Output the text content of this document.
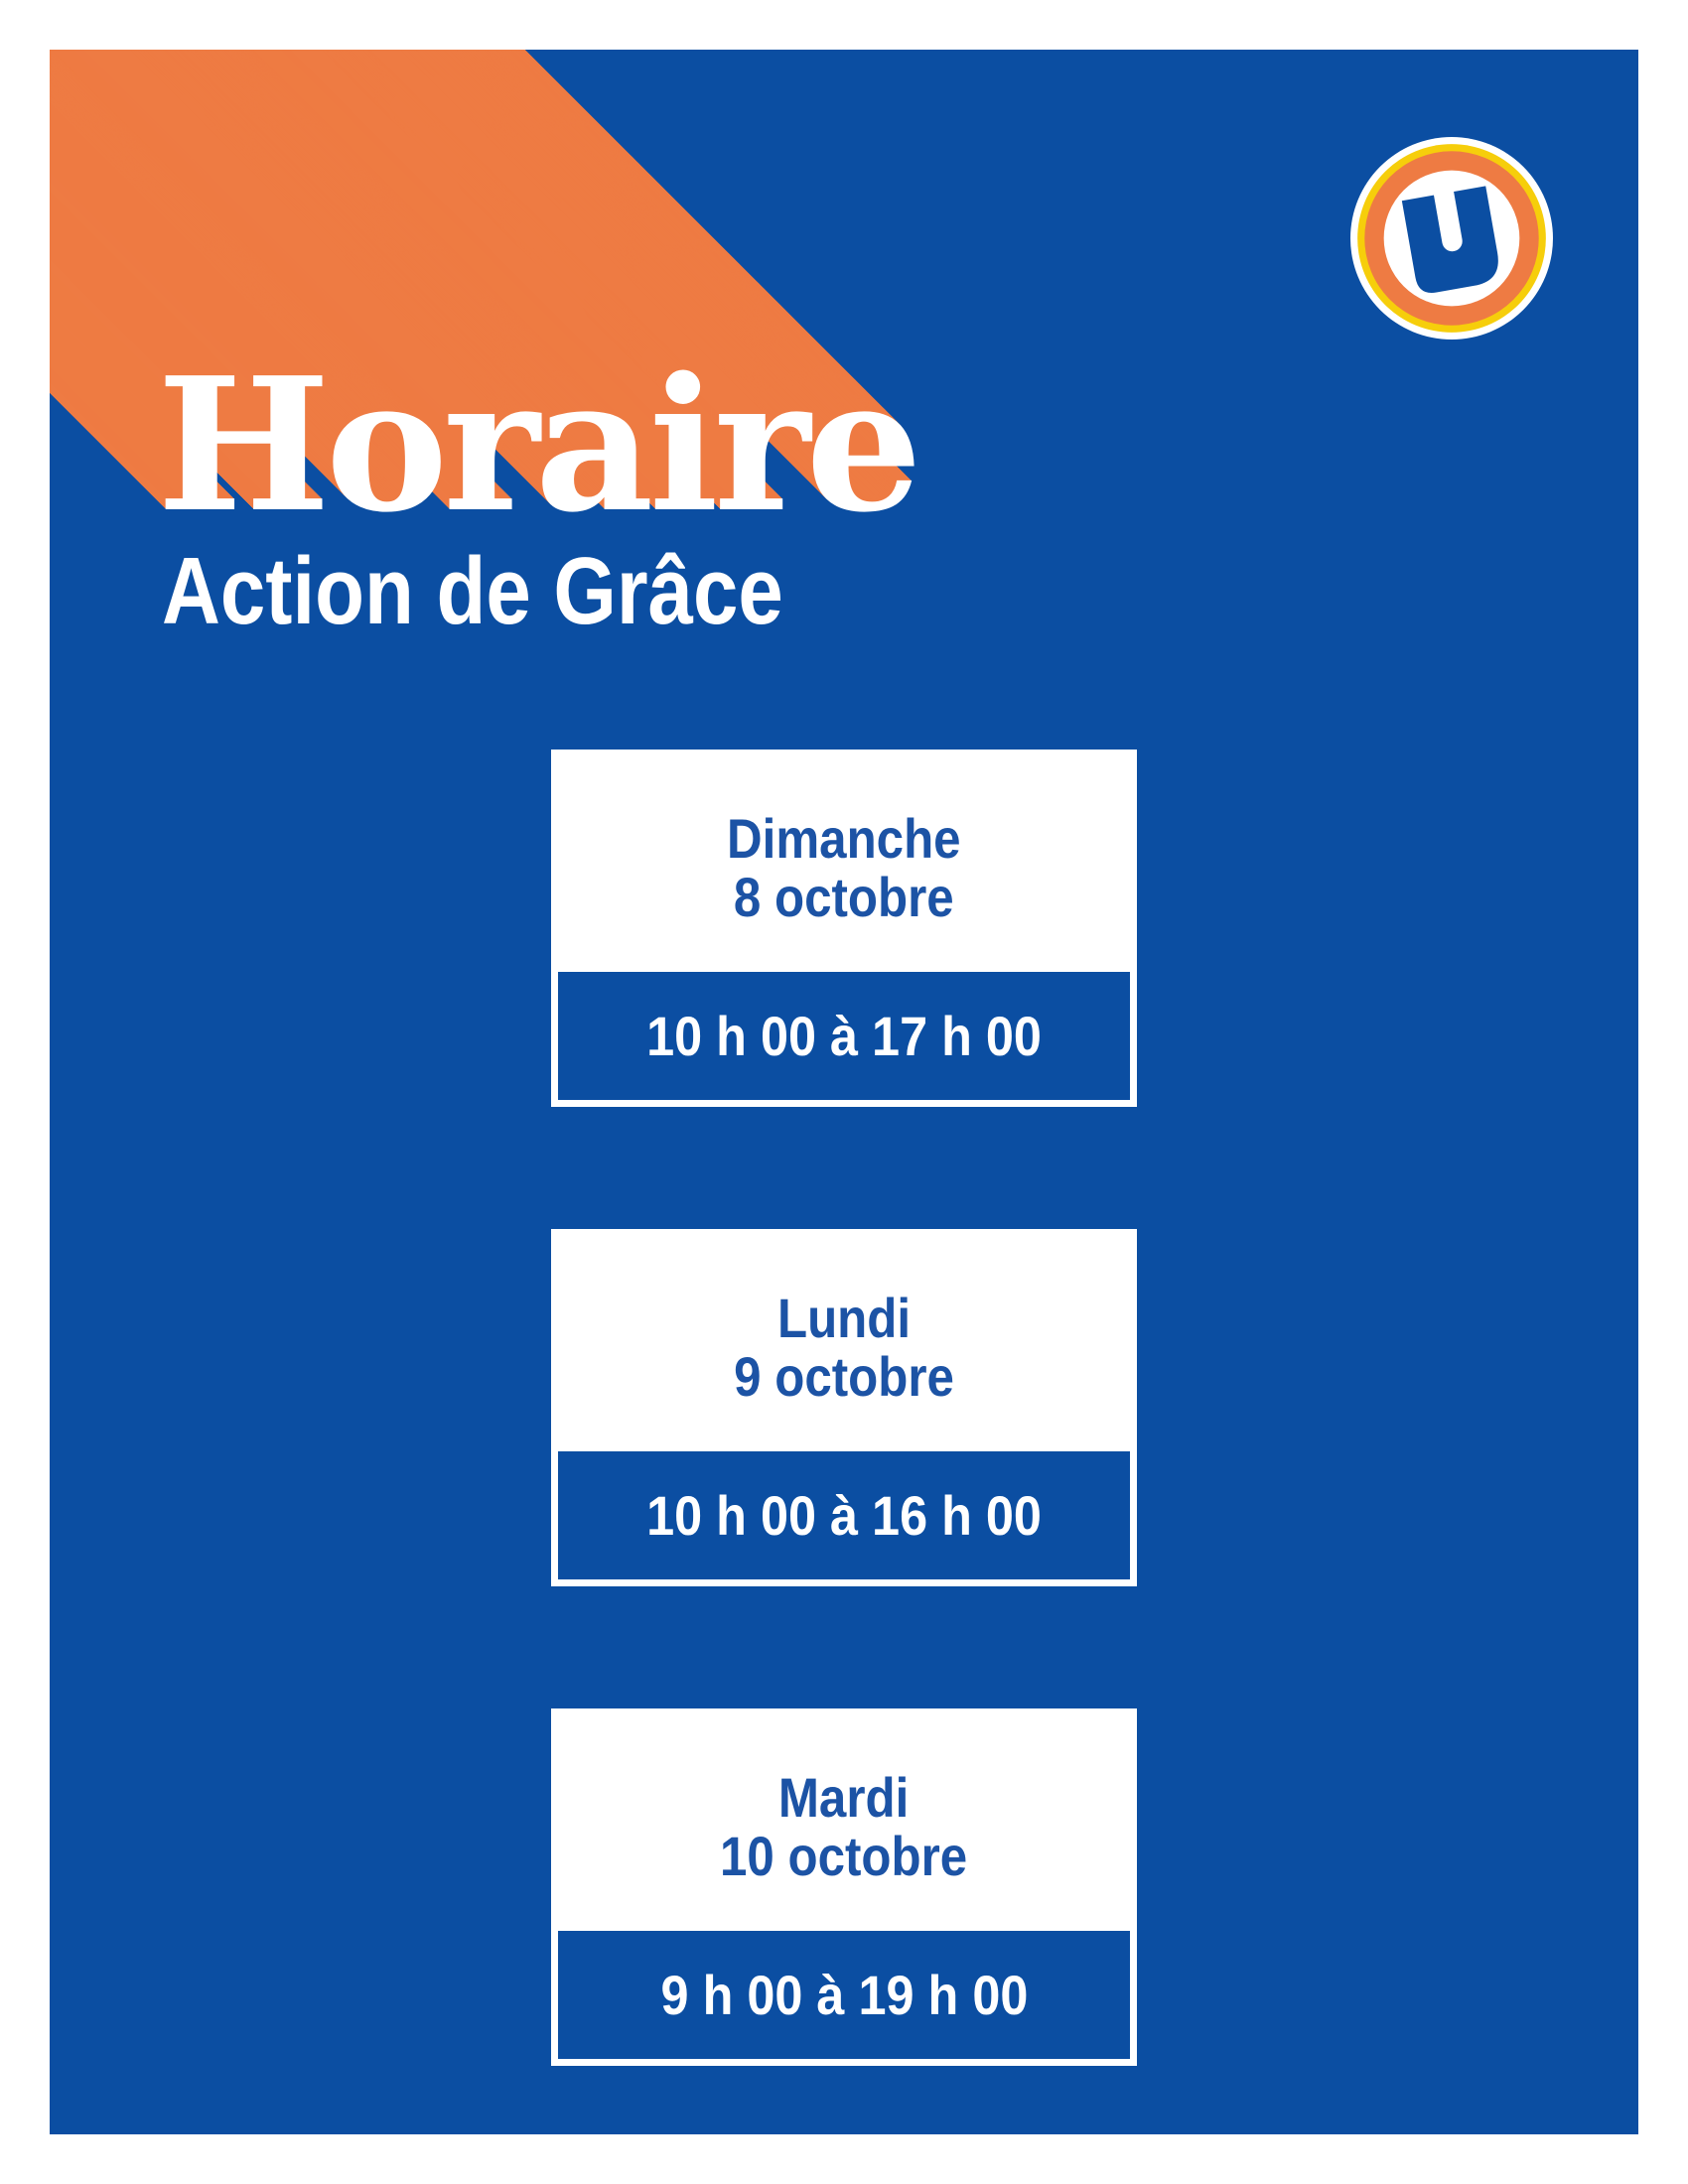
Horaire
Action de Grâce
Dimanche
8 octobre
10 h 00 à 17 h 00
Lundi
9 octobre
10 h 00 à 16 h 00
Mardi
10 octobre
9 h 00 à 19 h 00
